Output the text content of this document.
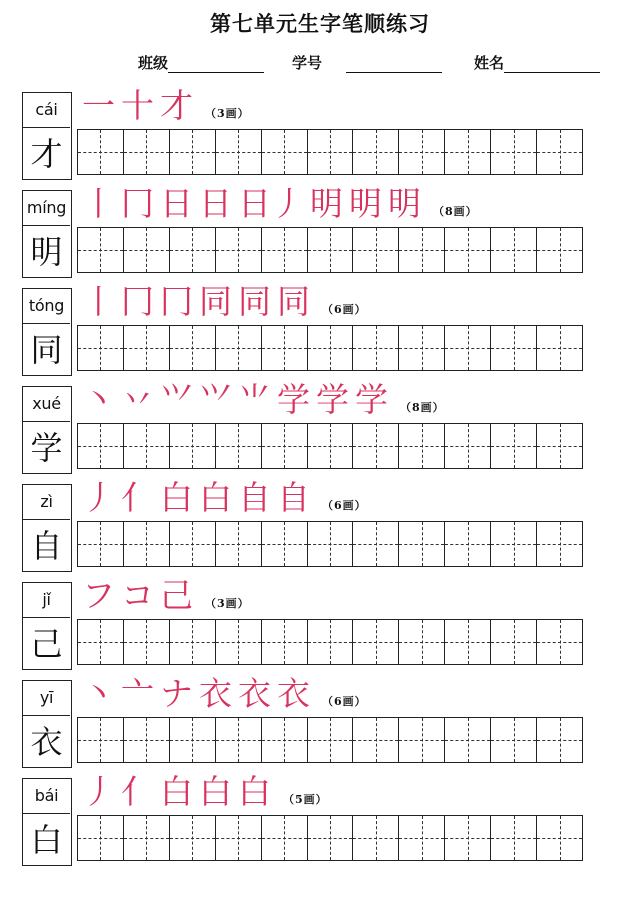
第七单元生字笔顺练习
班级	学号	姓名
cái
才
一 十 才 （3画）
míng
明
丨 冂 日 日 日丿 明 明 明 （8画）
tóng
同
丨 冂 冂 同 同 同 （6画）
xué
学
丶 丷 ⺍ ⺍ ⺌ 学 学 学 （8画）
zì
自
丿 亻 白 白 自 自 （6画）
jǐ
己
フ コ 己 （3画）
yī
衣
丶 亠 ナ 衣 衣 衣 （6画）
bái
白
丿 亻 白 白 白 （5画）
